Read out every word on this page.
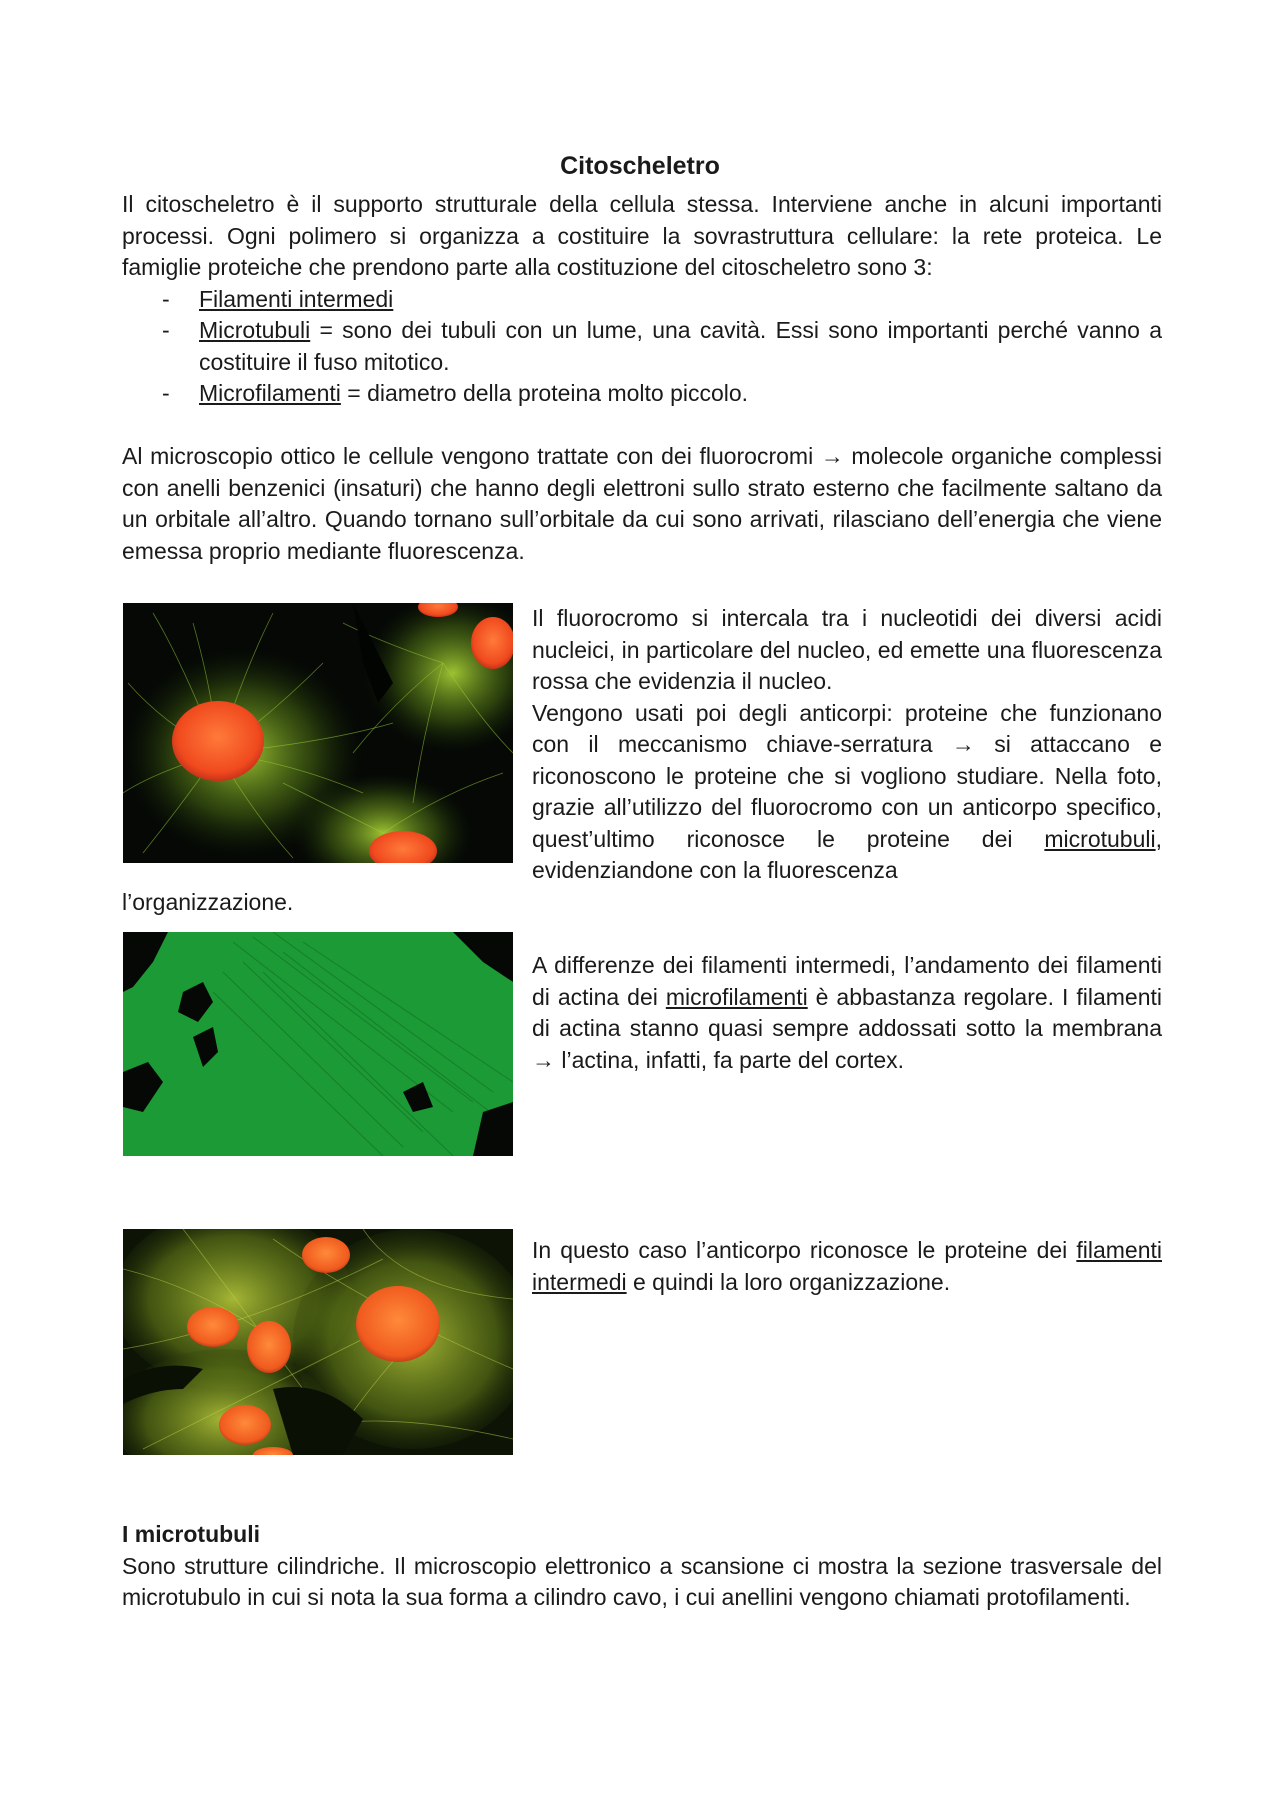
Citoscheletro
Il citoscheletro è il supporto strutturale della cellula stessa. Interviene anche in alcuni importanti processi. Ogni polimero si organizza a costituire la sovrastruttura cellulare: la rete proteica. Le famiglie proteiche che prendono parte alla costituzione del citoscheletro sono 3:
- Filamenti intermedi
- Microtubuli = sono dei tubuli con un lume, una cavità. Essi sono importanti perché vanno a costituire il fuso mitotico.
- Microfilamenti = diametro della proteina molto piccolo.
Al microscopio ottico le cellule vengono trattate con dei fluorocromi → molecole organiche complessi con anelli benzenici (insaturi) che hanno degli elettroni sullo strato esterno che facilmente saltano da un orbitale all’altro. Quando tornano sull’orbitale da cui sono arrivati, rilasciano dell’energia che viene emessa proprio mediante fluorescenza.
Il fluorocromo si intercala tra i nucleotidi dei diversi acidi nucleici, in particolare del nucleo, ed emette una fluorescenza rossa che evidenzia il nucleo.
Vengono usati poi degli anticorpi: proteine che funzionano con il meccanismo chiave-serratura → si attaccano e riconoscono le proteine che si vogliono studiare. Nella foto, grazie all’utilizzo del fluorocromo con un anticorpo specifico, quest’ultimo riconosce le proteine dei microtubuli, evidenziandone con la fluorescenza
l’organizzazione.
A differenze dei filamenti intermedi, l’andamento dei filamenti di actina dei microfilamenti è abbastanza regolare. I filamenti di actina stanno quasi sempre addossati sotto la membrana → l’actina, infatti, fa parte del cortex.
In questo caso l’anticorpo riconosce le proteine dei filamenti intermedi e quindi la loro organizzazione.
I microtubuli
Sono strutture cilindriche. Il microscopio elettronico a scansione ci mostra la sezione trasversale del microtubulo in cui si nota la sua forma a cilindro cavo, i cui anellini vengono chiamati protofilamenti.
